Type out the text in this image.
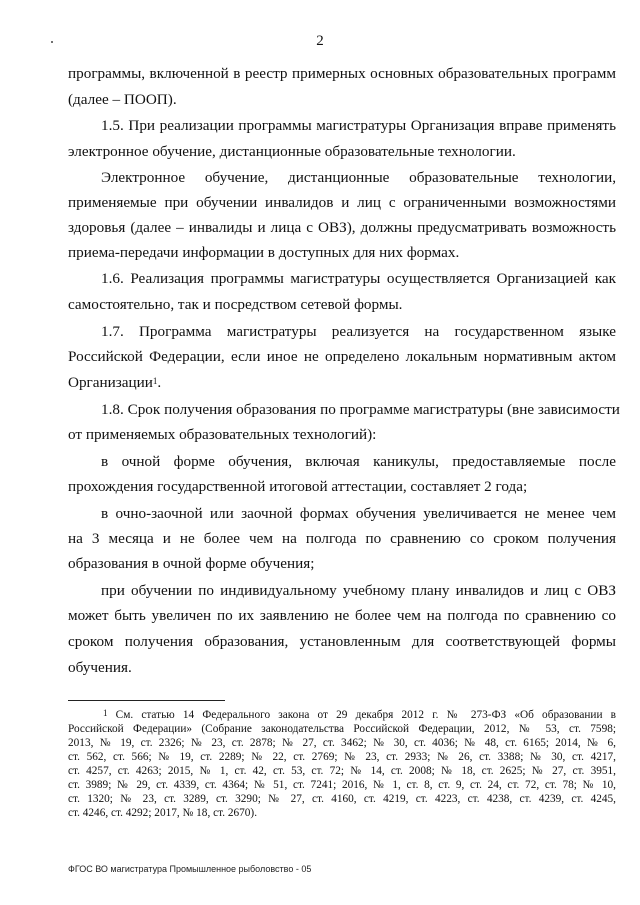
2
программы, включенной в реестр примерных основных образовательных программ
(далее – ПООП).
1.5. При реализации программы магистратуры Организация вправе применять
электронное обучение, дистанционные образовательные технологии.
Электронное обучение, дистанционные образовательные технологии,
применяемые при обучении инвалидов и лиц с ограниченными возможностями
здоровья (далее – инвалиды и лица с ОВЗ), должны предусматривать возможность
приема-передачи информации в доступных для них формах.
1.6. Реализация программы магистратуры осуществляется Организацией как
самостоятельно, так и посредством сетевой формы.
1.7. Программа магистратуры реализуется на государственном языке
Российской Федерации, если иное не определено локальным нормативным актом
Организации$^1$.
1.8. Срок получения образования по программе магистратуры (вне зависимости
от применяемых образовательных технологий):
в очной форме обучения, включая каникулы, предоставляемые после
прохождения государственной итоговой аттестации, составляет 2 года;
в очно-заочной или заочной формах обучения увеличивается не менее чем
на 3 месяца и не более чем на полгода по сравнению со сроком получения
образования в очной форме обучения;
при обучении по индивидуальному учебному плану инвалидов и лиц с ОВЗ
может быть увеличен по их заявлению не более чем на полгода по сравнению со
сроком получения образования, установленным для соответствующей формы
обучения.
$^1$ См. статью 14 Федерального закона от 29 декабря 2012 г. № 273-ФЗ «Об образовании в
Российской Федерации» (Собрание законодательства Российской Федерации, 2012, № 53, ст. 7598;
2013, № 19, ст. 2326; № 23, ст. 2878; № 27, ст. 3462; № 30, ст. 4036; № 48, ст. 6165; 2014, № 6,
ст. 562, ст. 566; № 19, ст. 2289; № 22, ст. 2769; № 23, ст. 2933; № 26, ст. 3388; № 30, ст. 4217,
ст. 4257, ст. 4263; 2015, № 1, ст. 42, ст. 53, ст. 72; № 14, ст. 2008; № 18, ст. 2625; № 27, ст. 3951,
ст. 3989; № 29, ст. 4339, ст. 4364; № 51, ст. 7241; 2016, № 1, ст. 8, ст. 9, ст. 24, ст. 72, ст. 78; № 10,
ст. 1320; № 23, ст. 3289, ст. 3290; № 27, ст. 4160, ст. 4219, ст. 4223, ст. 4238, ст. 4239, ст. 4245,
ст. 4246, ст. 4292; 2017, № 18, ст. 2670).
ФГОС ВО магистратура Промышленное рыболовство - 05
